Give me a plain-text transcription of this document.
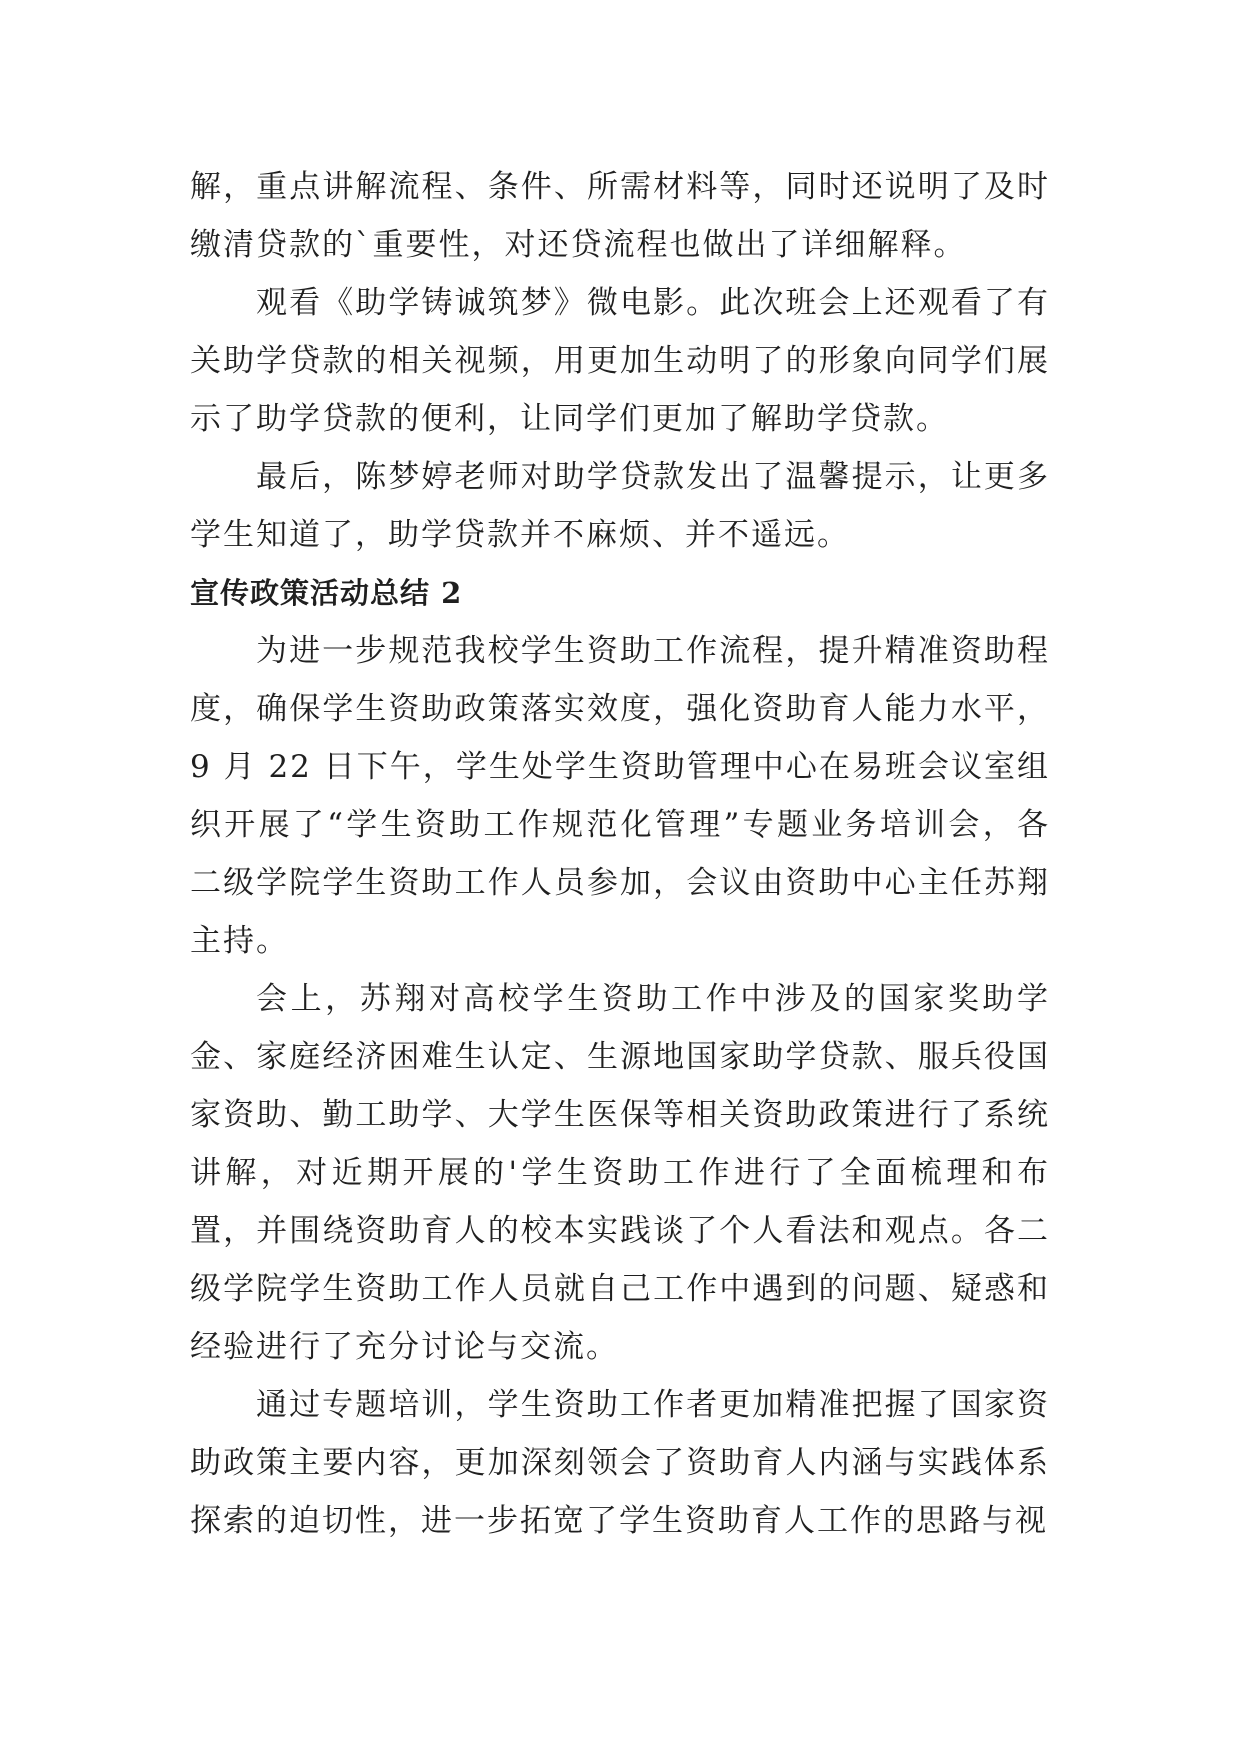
解，重点讲解流程、条件、所需材料等，同时还说明了及时缴清贷款的`重要性，对还贷流程也做出了详细解释。

观看《助学铸诚筑梦》微电影。此次班会上还观看了有关助学贷款的相关视频，用更加生动明了的形象向同学们展示了助学贷款的便利，让同学们更加了解助学贷款。

最后，陈梦婷老师对助学贷款发出了温馨提示，让更多学生知道了，助学贷款并不麻烦、并不遥远。

宣传政策活动总结 2

为进一步规范我校学生资助工作流程，提升精准资助程度，确保学生资助政策落实效度，强化资助育人能力水平，9 月 22 日下午，学生处学生资助管理中心在易班会议室组织开展了“学生资助工作规范化管理”专题业务培训会，各二级学院学生资助工作人员参加，会议由资助中心主任苏翔主持。

会上，苏翔对高校学生资助工作中涉及的国家奖助学金、家庭经济困难生认定、生源地国家助学贷款、服兵役国家资助、勤工助学、大学生医保等相关资助政策进行了系统讲解，对近期开展的'学生资助工作进行了全面梳理和布置，并围绕资助育人的校本实践谈了个人看法和观点。各二级学院学生资助工作人员就自己工作中遇到的问题、疑惑和经验进行了充分讨论与交流。

通过专题培训，学生资助工作者更加精准把握了国家资助政策主要内容，更加深刻领会了资助育人内涵与实践体系探索的迫切性，进一步拓宽了学生资助育人工作的思路与视
